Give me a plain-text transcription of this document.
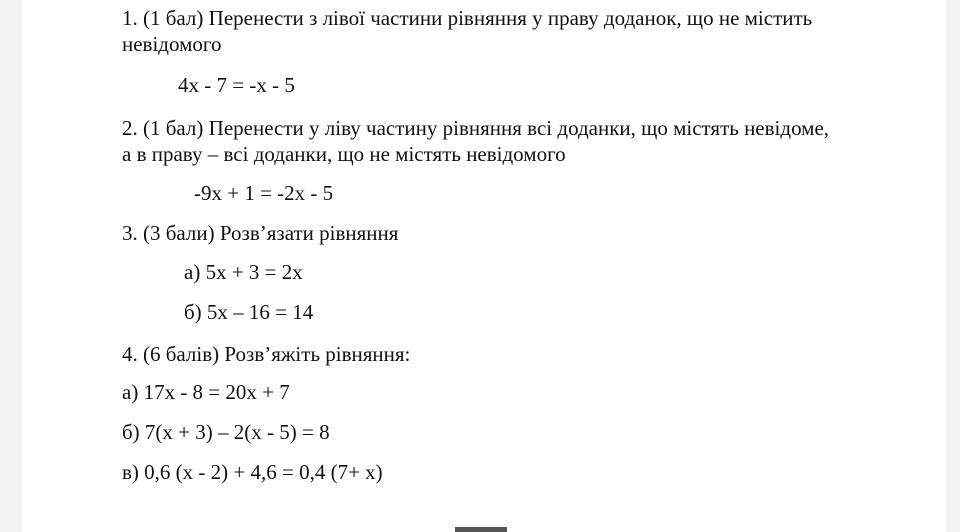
1. (1 бал) Перенести з лівої частини рівняння у праву доданок, що не містить
невідомого
4x - 7 = -x - 5
2. (1 бал) Перенести у ліву частину рівняння всі доданки, що містять невідоме,
а в праву – всі доданки, що не містять невідомого
-9x + 1 = -2x - 5
3. (3 бали) Розв’язати рівняння
а) 5x + 3 = 2x
б) 5x – 16 = 14
4. (6 балів) Розв’яжіть рівняння:
а) 17x - 8 = 20x + 7
б) 7(x + 3) – 2(x - 5) = 8
в) 0,6 (x - 2) + 4,6 = 0,4 (7+ x)
